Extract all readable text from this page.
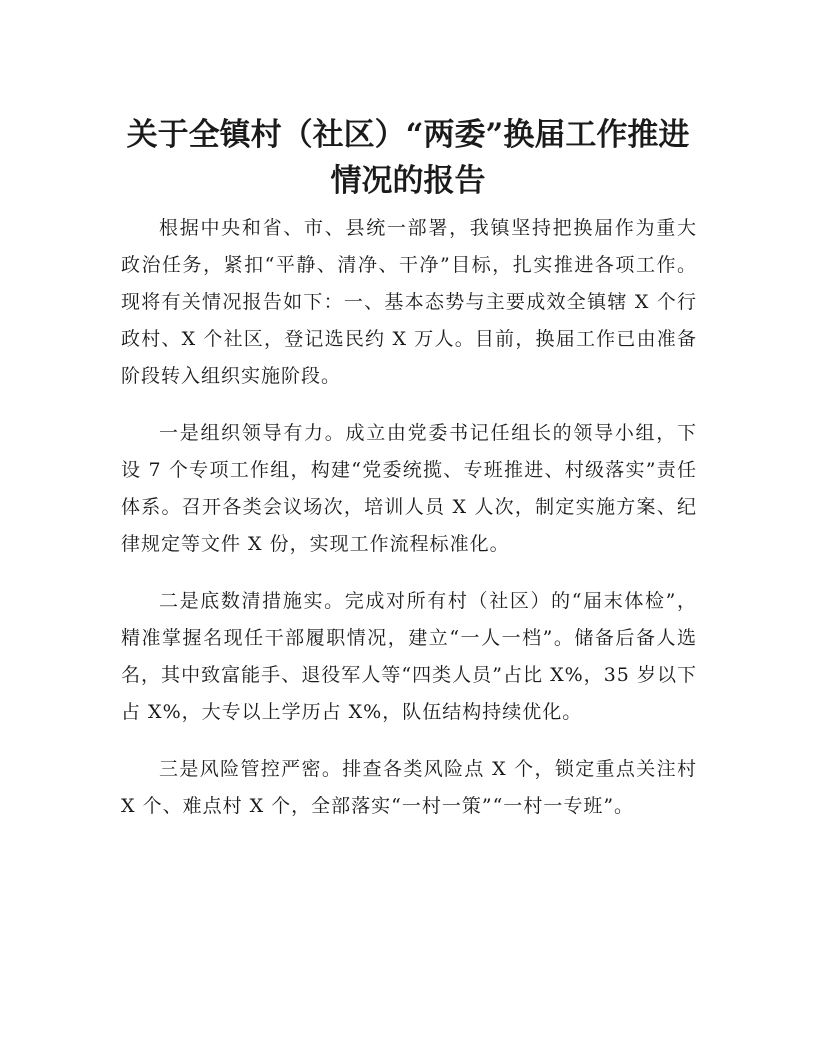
关于全镇村（社区）“两委”换届工作推进
情况的报告

根据中央和省、市、县统一部署，我镇坚持把换届作为重大政治任务，紧扣“平静、清净、干净”目标，扎实推进各项工作。现将有关情况报告如下：一、基本态势与主要成效全镇辖 X 个行政村、X 个社区，登记选民约 X 万人。目前，换届工作已由准备阶段转入组织实施阶段。

一是组织领导有力。成立由党委书记任组长的领导小组，下设 7 个专项工作组，构建“党委统揽、专班推进、村级落实”责任体系。召开各类会议场次，培训人员 X 人次，制定实施方案、纪律规定等文件 X 份，实现工作流程标准化。

二是底数清措施实。完成对所有村（社区）的“届末体检”，精准掌握名现任干部履职情况，建立“一人一档”。储备后备人选名，其中致富能手、退役军人等“四类人员”占比 X%，35 岁以下占 X%，大专以上学历占 X%，队伍结构持续优化。

三是风险管控严密。排查各类风险点 X 个，锁定重点关注村 X 个、难点村 X 个，全部落实“一村一策”“一村一专班”。
